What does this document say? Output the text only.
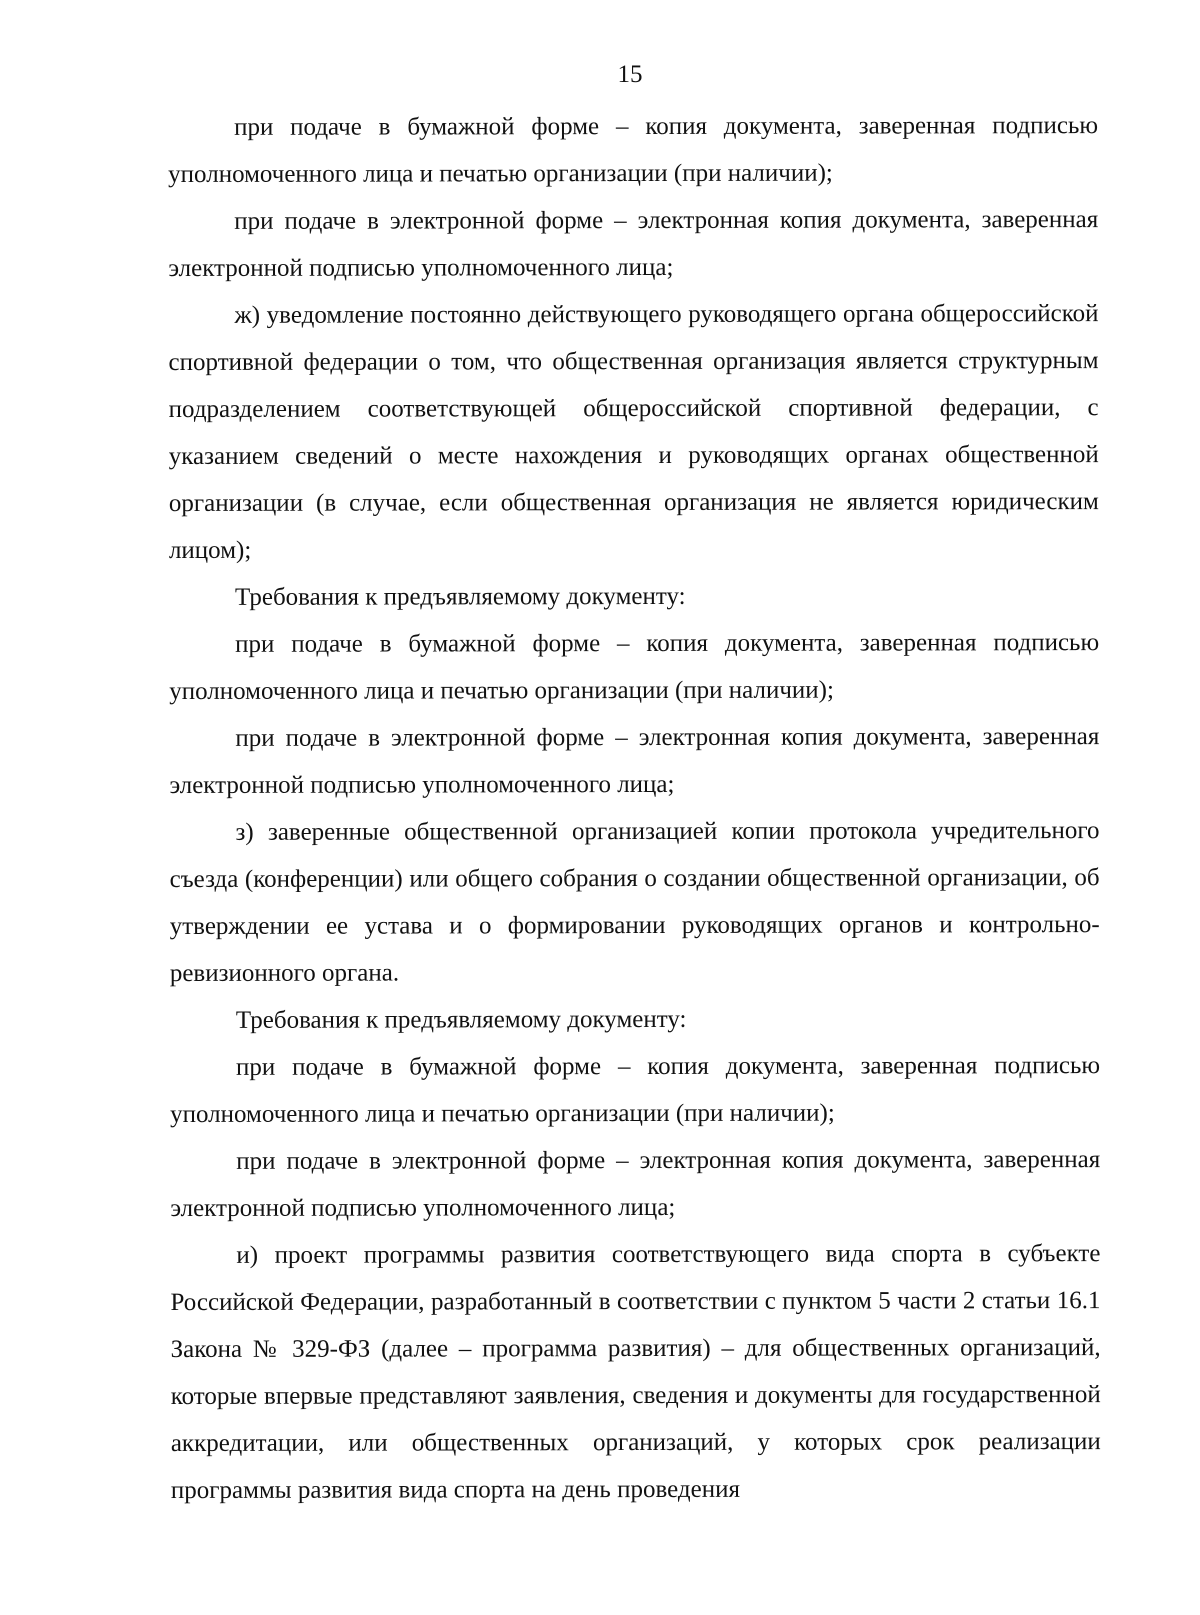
15

при подаче в бумажной форме – копия документа, заверенная подписью уполномоченного лица и печатью организации (при наличии);

при подаче в электронной форме – электронная копия документа, заверенная электронной подписью уполномоченного лица;

ж) уведомление постоянно действующего руководящего органа общероссийской спортивной федерации о том, что общественная организация является структурным подразделением соответствующей общероссийской спортивной федерации, с указанием сведений о месте нахождения и руководящих органах общественной организации (в случае, если общественная организация не является юридическим лицом);

Требования к предъявляемому документу:

при подаче в бумажной форме – копия документа, заверенная подписью уполномоченного лица и печатью организации (при наличии);

при подаче в электронной форме – электронная копия документа, заверенная электронной подписью уполномоченного лица;

з) заверенные общественной организацией копии протокола учредительного съезда (конференции) или общего собрания о создании общественной организации, об утверждении ее устава и о формировании руководящих органов и контрольно-ревизионного органа.

Требования к предъявляемому документу:

при подаче в бумажной форме – копия документа, заверенная подписью уполномоченного лица и печатью организации (при наличии);

при подаче в электронной форме – электронная копия документа, заверенная электронной подписью уполномоченного лица;

и) проект программы развития соответствующего вида спорта в субъекте Российской Федерации, разработанный в соответствии с пунктом 5 части 2 статьи 16.1 Закона № 329-ФЗ (далее – программа развития) – для общественных организаций, которые впервые представляют заявления, сведения и документы для государственной аккредитации, или общественных организаций, у которых срок реализации программы развития вида спорта на день проведения
